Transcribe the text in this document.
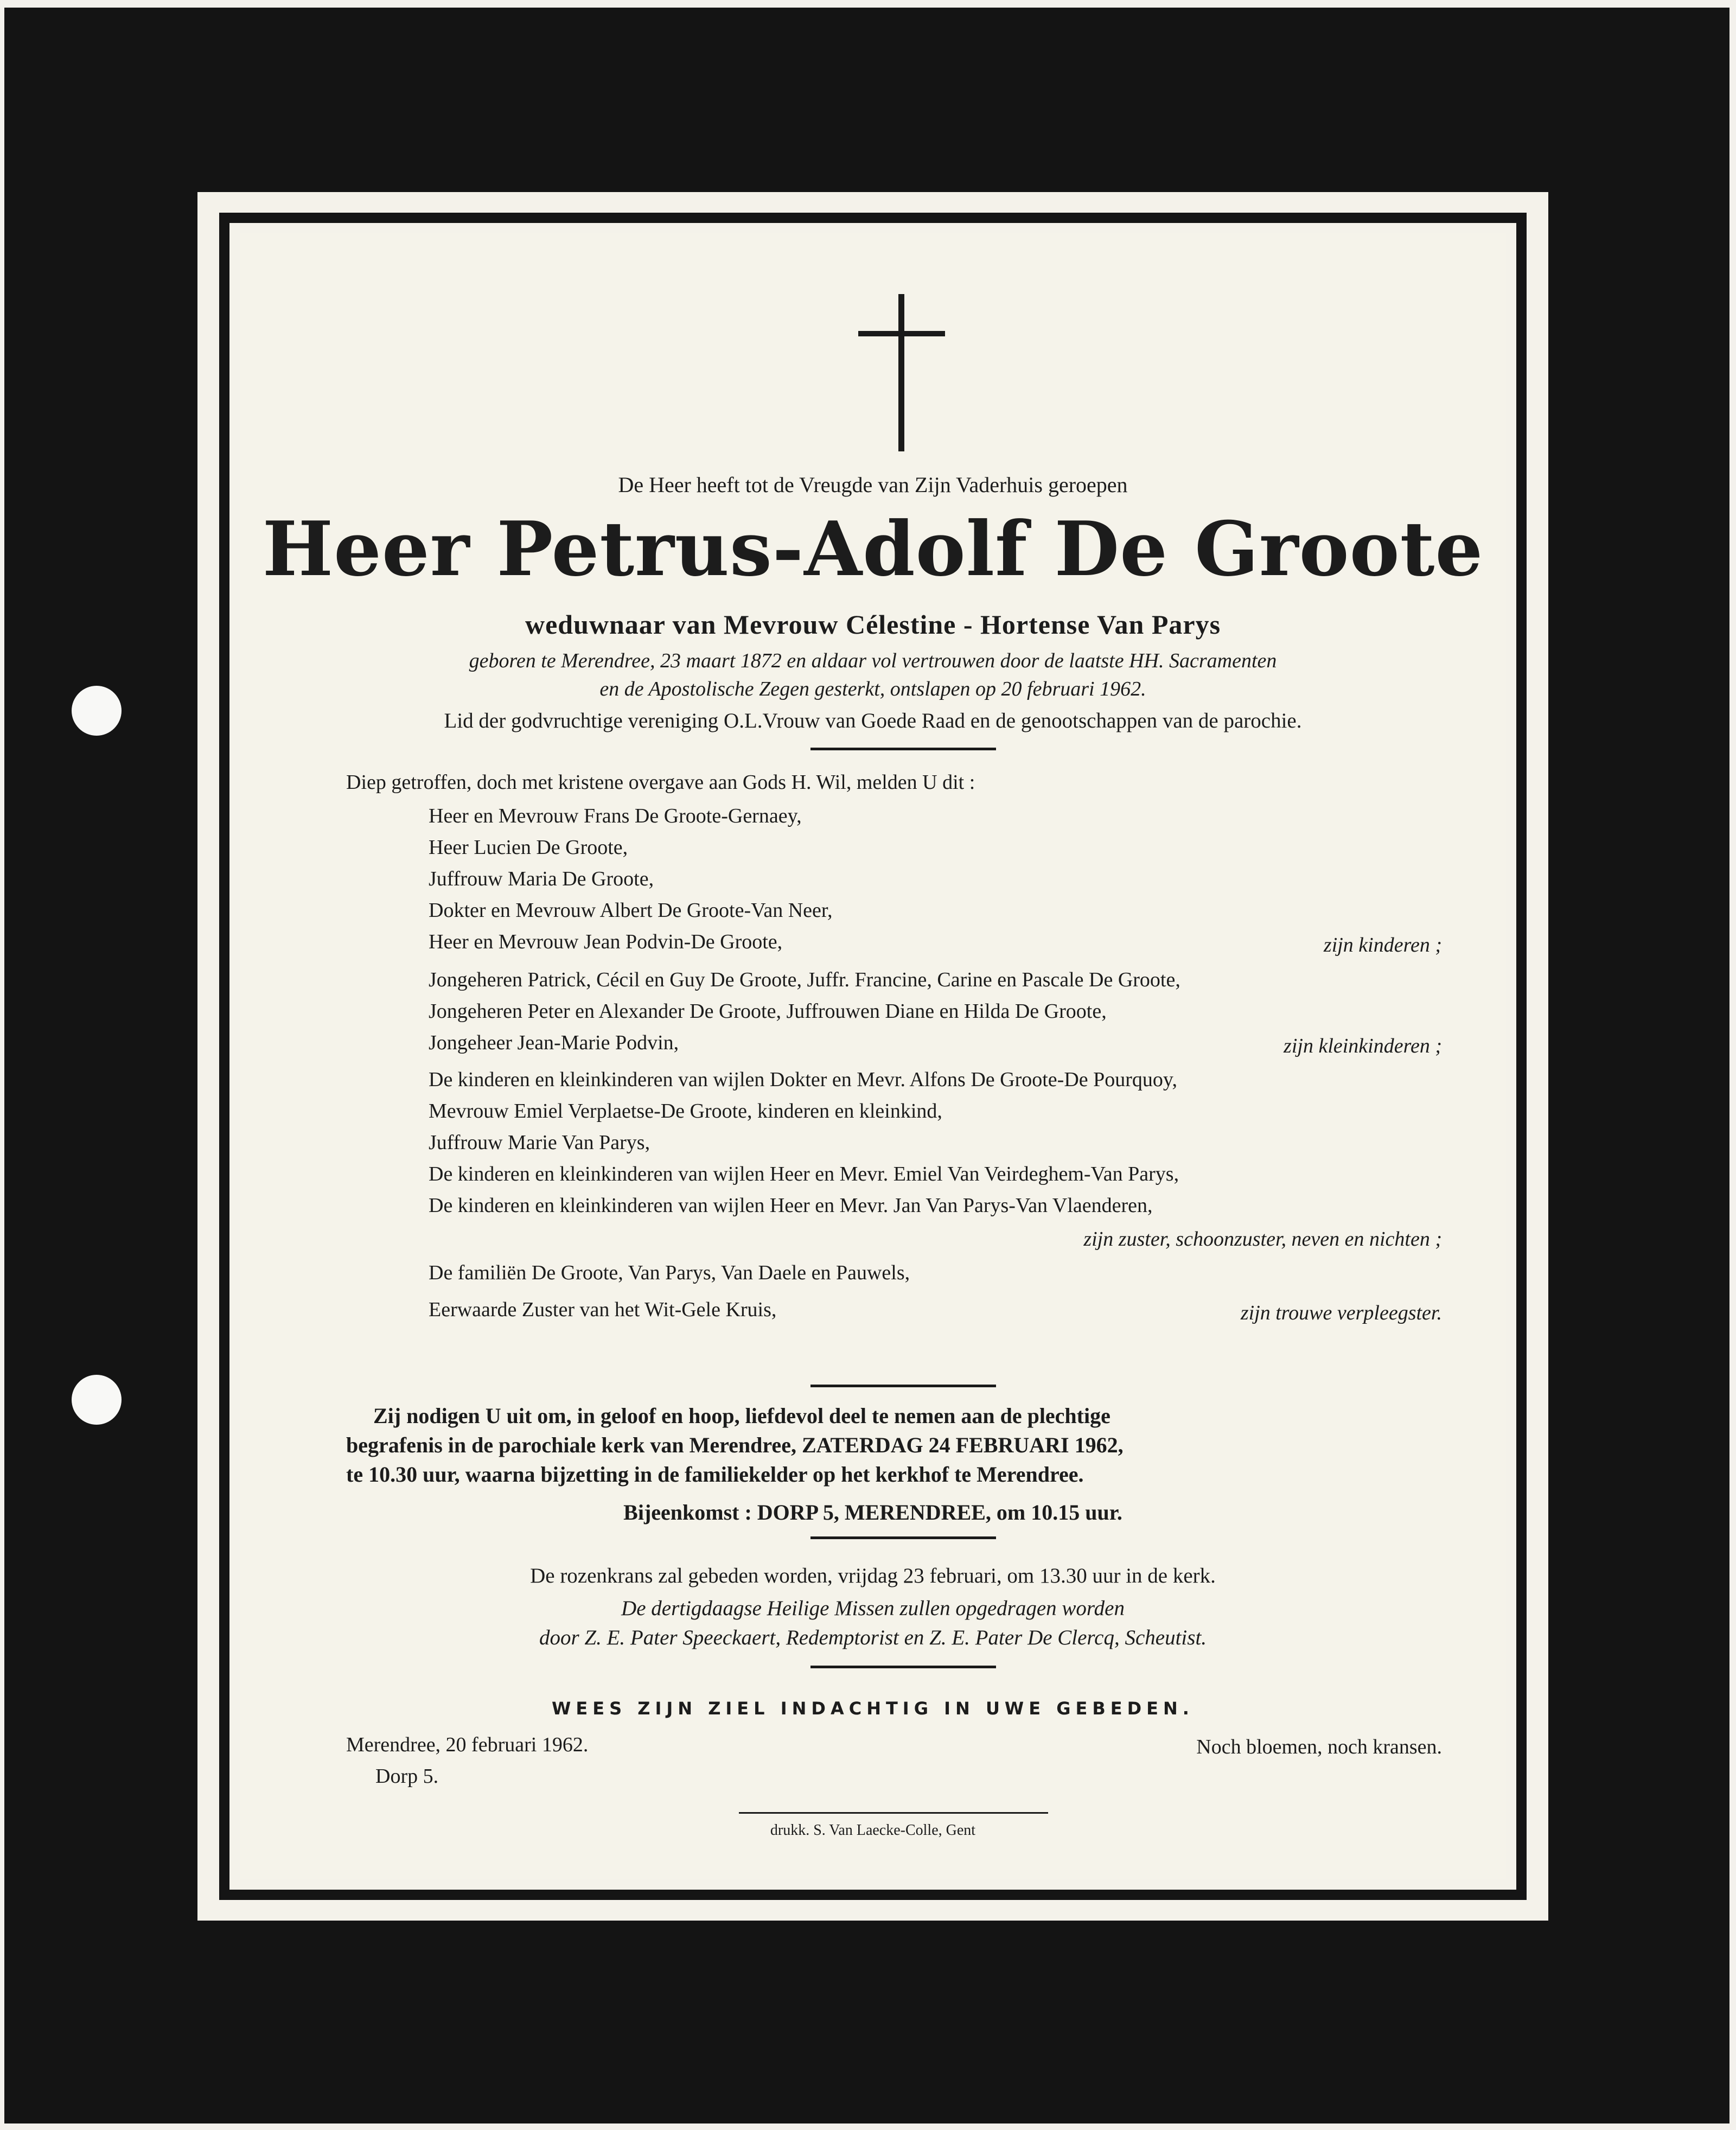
De Heer heeft tot de Vreugde van Zijn Vaderhuis geroepen
Heer Petrus-Adolf De Groote
weduwnaar van Mevrouw Célestine - Hortense Van Parys
geboren te Merendree, 23 maart 1872 en aldaar vol vertrouwen door de laatste HH. Sacramenten
en de Apostolische Zegen gesterkt, ontslapen op 20 februari 1962.
Lid der godvruchtige vereniging O.L.Vrouw van Goede Raad en de genootschappen van de parochie.
Diep getroffen, doch met kristene overgave aan Gods H. Wil, melden U dit :
Heer en Mevrouw Frans De Groote-Gernaey,
Heer Lucien De Groote,
Juffrouw Maria De Groote,
Dokter en Mevrouw Albert De Groote-Van Neer,
Heer en Mevrouw Jean Podvin-De Groote,	zijn kinderen ;
Jongeheren Patrick, Cécil en Guy De Groote, Juffr. Francine, Carine en Pascale De Groote,
Jongeheren Peter en Alexander De Groote, Juffrouwen Diane en Hilda De Groote,
Jongeheer Jean-Marie Podvin,	zijn kleinkinderen ;
De kinderen en kleinkinderen van wijlen Dokter en Mevr. Alfons De Groote-De Pourquoy,
Mevrouw Emiel Verplaetse-De Groote, kinderen en kleinkind,
Juffrouw Marie Van Parys,
De kinderen en kleinkinderen van wijlen Heer en Mevr. Emiel Van Veirdeghem-Van Parys,
De kinderen en kleinkinderen van wijlen Heer en Mevr. Jan Van Parys-Van Vlaenderen,
zijn zuster, schoonzuster, neven en nichten ;
De familiën De Groote, Van Parys, Van Daele en Pauwels,
Eerwaarde Zuster van het Wit-Gele Kruis,	zijn trouwe verpleegster.
Zij nodigen U uit om, in geloof en hoop, liefdevol deel te nemen aan de plechtige
begrafenis in de parochiale kerk van Merendree, ZATERDAG 24 FEBRUARI 1962,
te 10.30 uur, waarna bijzetting in de familiekelder op het kerkhof te Merendree.
Bijeenkomst : DORP 5, MERENDREE, om 10.15 uur.
De rozenkrans zal gebeden worden, vrijdag 23 februari, om 13.30 uur in de kerk.
De dertigdaagse Heilige Missen zullen opgedragen worden
door Z. E. Pater Speeckaert, Redemptorist en Z. E. Pater De Clercq, Scheutist.
WEES ZIJN ZIEL INDACHTIG IN UWE GEBEDEN.
Merendree, 20 februari 1962.
Dorp 5.
Noch bloemen, noch kransen.
drukk. S. Van Laecke-Colle, Gent
